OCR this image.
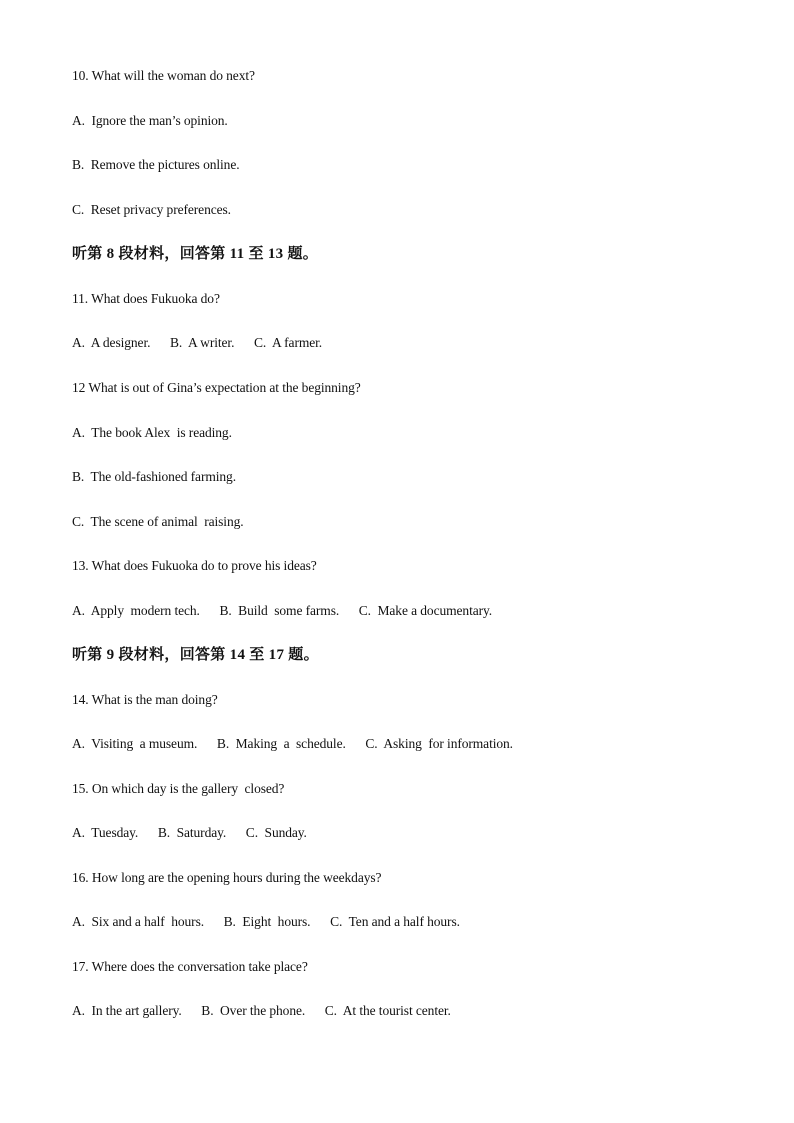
10. What will the woman do next?
A.  Ignore the man’s opinion.
B.  Remove the pictures online.
C.  Reset privacy preferences.
听第 8 段材料，回答第 11 至 13 题。
11. What does Fukuoka do?
A.  A designer.      B.  A writer.      C.  A farmer.
12 What is out of Gina’s expectation at the beginning?
A.  The book Alex  is reading.
B.  The old-fashioned farming.
C.  The scene of animal  raising.
13. What does Fukuoka do to prove his ideas?
A.  Apply  modern tech.      B.  Build  some farms.      C.  Make a documentary.
听第 9 段材料，回答第 14 至 17 题。
14. What is the man doing?
A.  Visiting  a museum.      B.  Making  a  schedule.      C.  Asking  for information.
15. On which day is the gallery  closed?
A.  Tuesday.      B.  Saturday.      C.  Sunday.
16. How long are the opening hours during the weekdays?
A.  Six and a half  hours.      B.  Eight  hours.      C.  Ten and a half hours.
17. Where does the conversation take place?
A.  In the art gallery.      B.  Over the phone.      C.  At the tourist center.
